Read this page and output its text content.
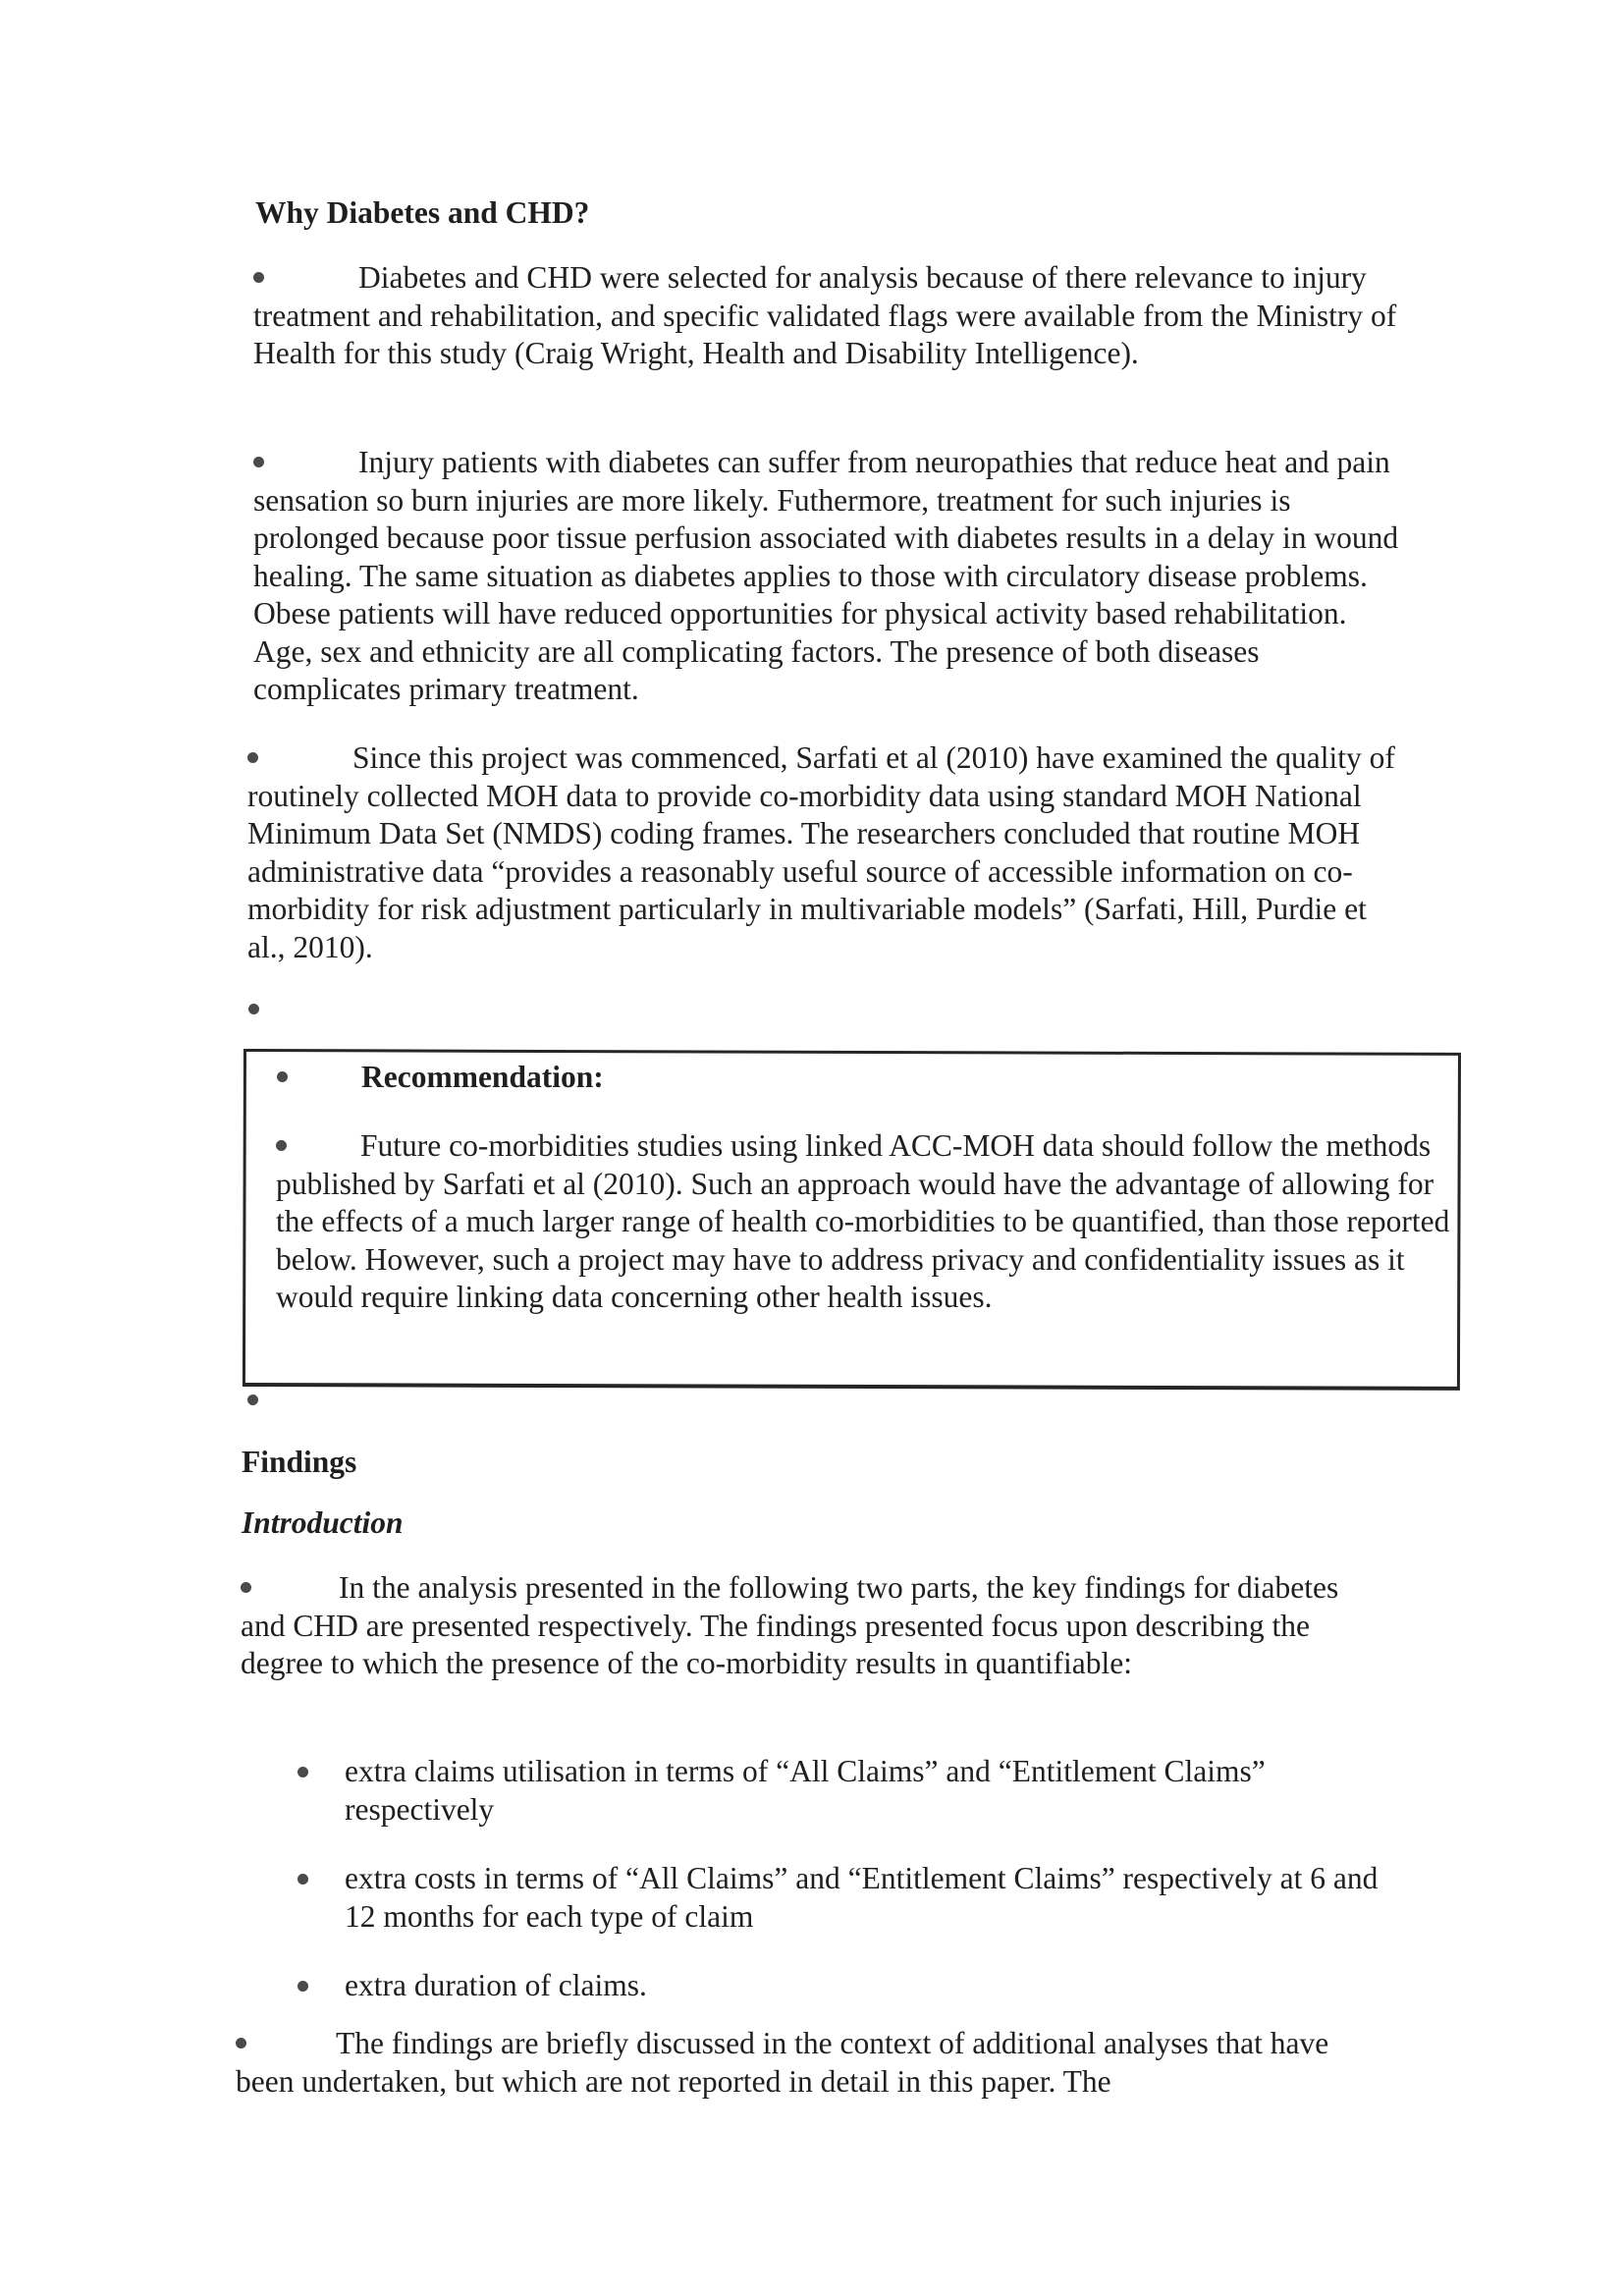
Why Diabetes and CHD?
Diabetes and CHD were selected for analysis because of there relevance to injury treatment and rehabilitation, and specific validated flags were available from the Ministry of Health for this study (Craig Wright, Health and Disability Intelligence).
Injury patients with diabetes can suffer from neuropathies that reduce heat and pain sensation so burn injuries are more likely. Futhermore, treatment for such injuries is prolonged because poor tissue perfusion associated with diabetes results in a delay in wound healing. The same situation as diabetes applies to those with circulatory disease problems. Obese patients will have reduced opportunities for physical activity based rehabilitation. Age, sex and ethnicity are all complicating factors. The presence of both diseases complicates primary treatment.
Since this project was commenced, Sarfati et al (2010) have examined the quality of routinely collected MOH data to provide co-morbidity data using standard MOH National Minimum Data Set (NMDS) coding frames. The researchers concluded that routine MOH administrative data “provides a reasonably useful source of accessible information on co-morbidity for risk adjustment particularly in multivariable models” (Sarfati, Hill, Purdie et al., 2010).
Recommendation:
Future co-morbidities studies using linked ACC-MOH data should follow the methods published by Sarfati et al (2010). Such an approach would have the advantage of allowing for the effects of a much larger range of health co-morbidities to be quantified, than those reported below. However, such a project may have to address privacy and confidentiality issues as it would require linking data concerning other health issues.
Findings
Introduction
In the analysis presented in the following two parts, the key findings for diabetes and CHD are presented respectively. The findings presented focus upon describing the degree to which the presence of the co-morbidity results in quantifiable:
extra claims utilisation in terms of “All Claims” and “Entitlement Claims” respectively
extra costs in terms of “All Claims” and “Entitlement Claims” respectively at 6 and 12 months for each type of claim
extra duration of claims.
The findings are briefly discussed in the context of additional analyses that have been undertaken, but which are not reported in detail in this paper. The
